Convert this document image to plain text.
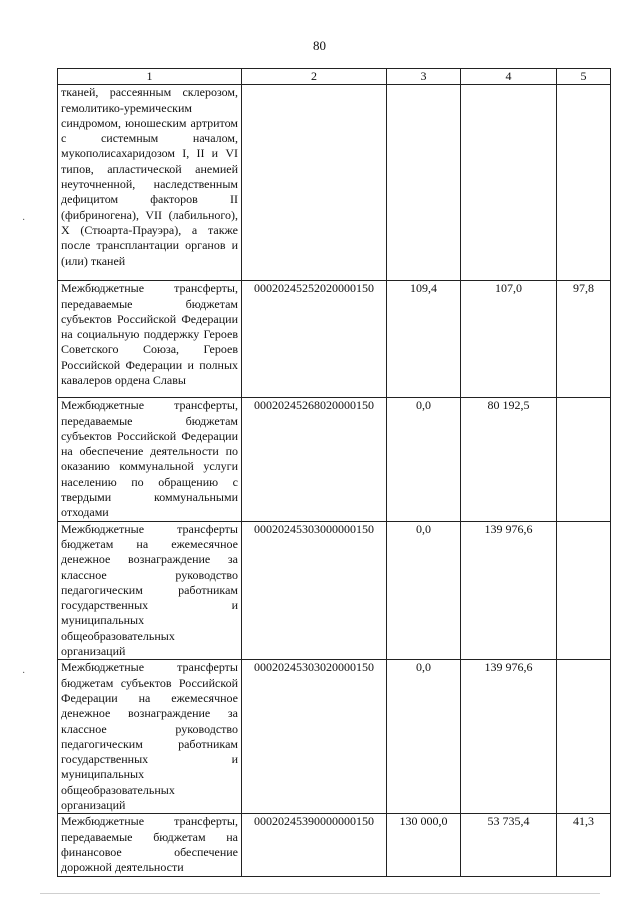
80
1	2	3	4	5
тканей, рассеянным склерозом, гемолитико-уремическим синдромом, юношеским артритом с системным началом, мукополисахаридозом I, II и VI типов, апластической анемией неуточненной, наследственным дефицитом факторов II (фибриногена), VII (лабильного), X (Стюарта-Прауэра), а также после трансплантации органов и (или) тканей				
Межбюджетные трансферты, передаваемые бюджетам субъектов Российской Федерации на социальную поддержку Героев Советского Союза, Героев Российской Федерации и полных кавалеров ордена Славы	00020245252020000150	109,4	107,0	97,8
Межбюджетные трансферты, передаваемые бюджетам субъектов Российской Федерации на обеспечение деятельности по оказанию коммунальной услуги населению по обращению с твердыми коммунальными отходами	00020245268020000150	0,0	80 192,5	
Межбюджетные трансферты бюджетам на ежемесячное денежное вознаграждение за классное руководство педагогическим работникам государственных и муниципальных общеобразовательных организаций	00020245303000000150	0,0	139 976,6	
Межбюджетные трансферты бюджетам субъектов Российской Федерации на ежемесячное денежное вознаграждение за классное руководство педагогическим работникам государственных и муниципальных общеобразовательных организаций	00020245303020000150	0,0	139 976,6	
Межбюджетные трансферты, передаваемые бюджетам на финансовое обеспечение дорожной деятельности	00020245390000000150	130 000,0	53 735,4	41,3
·
·
